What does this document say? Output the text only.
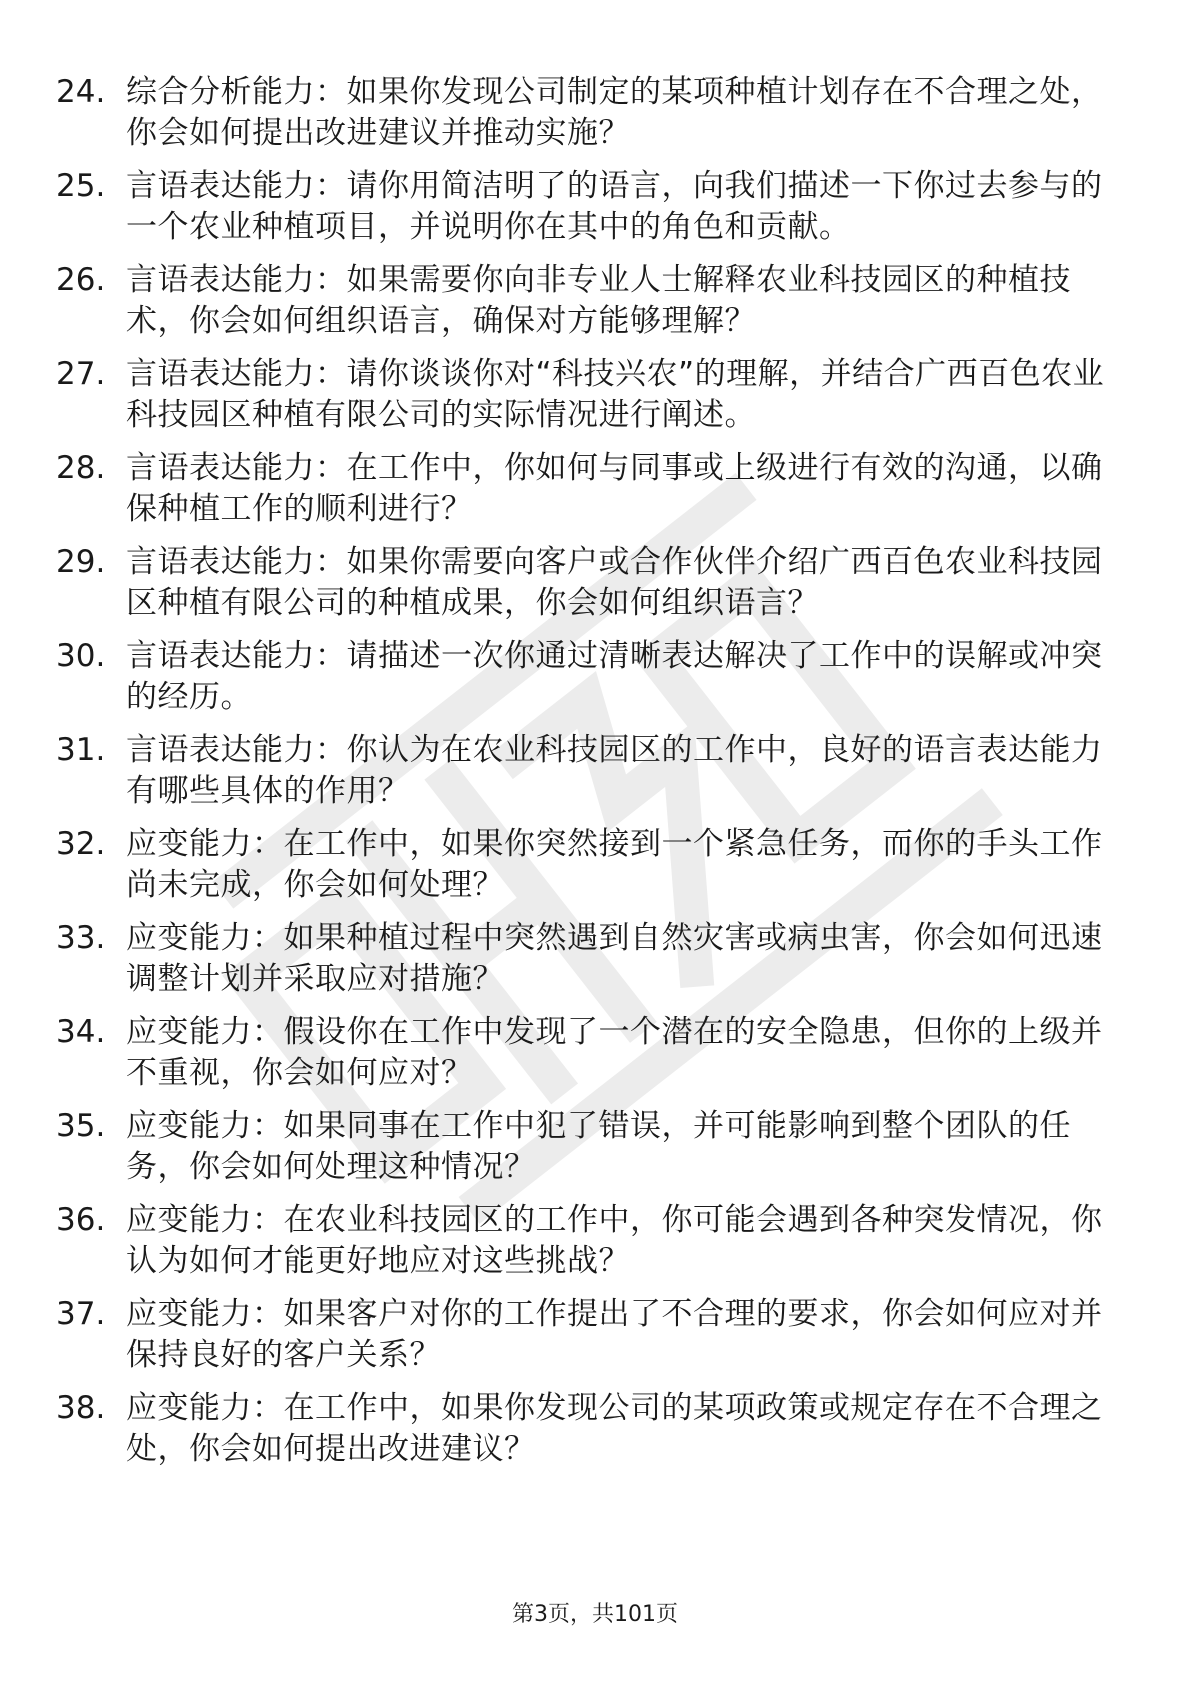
24. 综合分析能力：如果你发现公司制定的某项种植计划存在不合理之处，你会如何提出改进建议并推动实施？
25. 言语表达能力：请你用简洁明了的语言，向我们描述一下你过去参与的一个农业种植项目，并说明你在其中的角色和贡献。
26. 言语表达能力：如果需要你向非专业人士解释农业科技园区的种植技术，你会如何组织语言，确保对方能够理解？
27. 言语表达能力：请你谈谈你对“科技兴农”的理解，并结合广西百色农业科技园区种植有限公司的实际情况进行阐述。
28. 言语表达能力：在工作中，你如何与同事或上级进行有效的沟通，以确保种植工作的顺利进行？
29. 言语表达能力：如果你需要向客户或合作伙伴介绍广西百色农业科技园区种植有限公司的种植成果，你会如何组织语言？
30. 言语表达能力：请描述一次你通过清晰表达解决了工作中的误解或冲突的经历。
31. 言语表达能力：你认为在农业科技园区的工作中，良好的语言表达能力有哪些具体的作用？
32. 应变能力：在工作中，如果你突然接到一个紧急任务，而你的手头工作尚未完成，你会如何处理？
33. 应变能力：如果种植过程中突然遇到自然灾害或病虫害，你会如何迅速调整计划并采取应对措施？
34. 应变能力：假设你在工作中发现了一个潜在的安全隐患，但你的上级并不重视，你会如何应对？
35. 应变能力：如果同事在工作中犯了错误，并可能影响到整个团队的任务，你会如何处理这种情况？
36. 应变能力：在农业科技园区的工作中，你可能会遇到各种突发情况，你认为如何才能更好地应对这些挑战？
37. 应变能力：如果客户对你的工作提出了不合理的要求，你会如何应对并保持良好的客户关系？
38. 应变能力：在工作中，如果你发现公司的某项政策或规定存在不合理之处，你会如何提出改进建议？
第3页，共101页
